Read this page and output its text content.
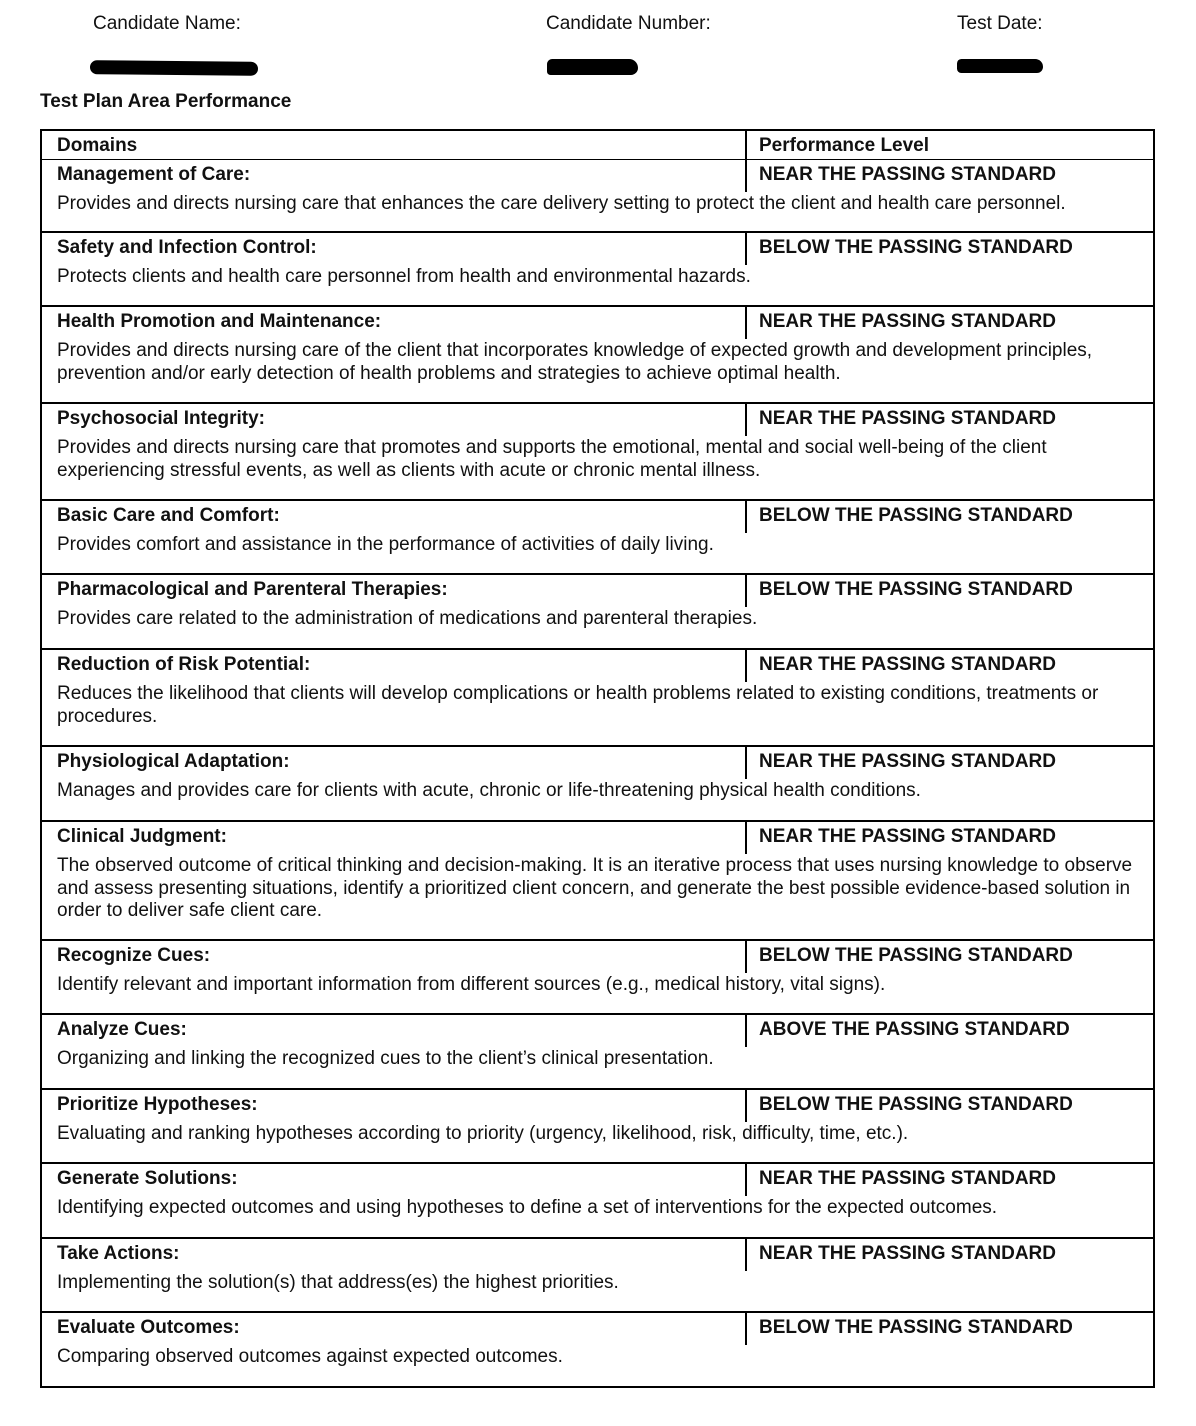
Candidate Name:	Candidate Number:	Test Date:
Test Plan Area Performance
Domains	Performance Level
Management of Care:	NEAR THE PASSING STANDARD
Provides and directs nursing care that enhances the care delivery setting to protect the client and health care personnel.
Safety and Infection Control:	BELOW THE PASSING STANDARD
Protects clients and health care personnel from health and environmental hazards.
Health Promotion and Maintenance:	NEAR THE PASSING STANDARD
Provides and directs nursing care of the client that incorporates knowledge of expected growth and development principles, prevention and/or early detection of health problems and strategies to achieve optimal health.
Psychosocial Integrity:	NEAR THE PASSING STANDARD
Provides and directs nursing care that promotes and supports the emotional, mental and social well-being of the client experiencing stressful events, as well as clients with acute or chronic mental illness.
Basic Care and Comfort:	BELOW THE PASSING STANDARD
Provides comfort and assistance in the performance of activities of daily living.
Pharmacological and Parenteral Therapies:	BELOW THE PASSING STANDARD
Provides care related to the administration of medications and parenteral therapies.
Reduction of Risk Potential:	NEAR THE PASSING STANDARD
Reduces the likelihood that clients will develop complications or health problems related to existing conditions, treatments or procedures.
Physiological Adaptation:	NEAR THE PASSING STANDARD
Manages and provides care for clients with acute, chronic or life-threatening physical health conditions.
Clinical Judgment:	NEAR THE PASSING STANDARD
The observed outcome of critical thinking and decision-making. It is an iterative process that uses nursing knowledge to observe and assess presenting situations, identify a prioritized client concern, and generate the best possible evidence-based solution in order to deliver safe client care.
Recognize Cues:	BELOW THE PASSING STANDARD
Identify relevant and important information from different sources (e.g., medical history, vital signs).
Analyze Cues:	ABOVE THE PASSING STANDARD
Organizing and linking the recognized cues to the client’s clinical presentation.
Prioritize Hypotheses:	BELOW THE PASSING STANDARD
Evaluating and ranking hypotheses according to priority (urgency, likelihood, risk, difficulty, time, etc.).
Generate Solutions:	NEAR THE PASSING STANDARD
Identifying expected outcomes and using hypotheses to define a set of interventions for the expected outcomes.
Take Actions:	NEAR THE PASSING STANDARD
Implementing the solution(s) that address(es) the highest priorities.
Evaluate Outcomes:	BELOW THE PASSING STANDARD
Comparing observed outcomes against expected outcomes.
